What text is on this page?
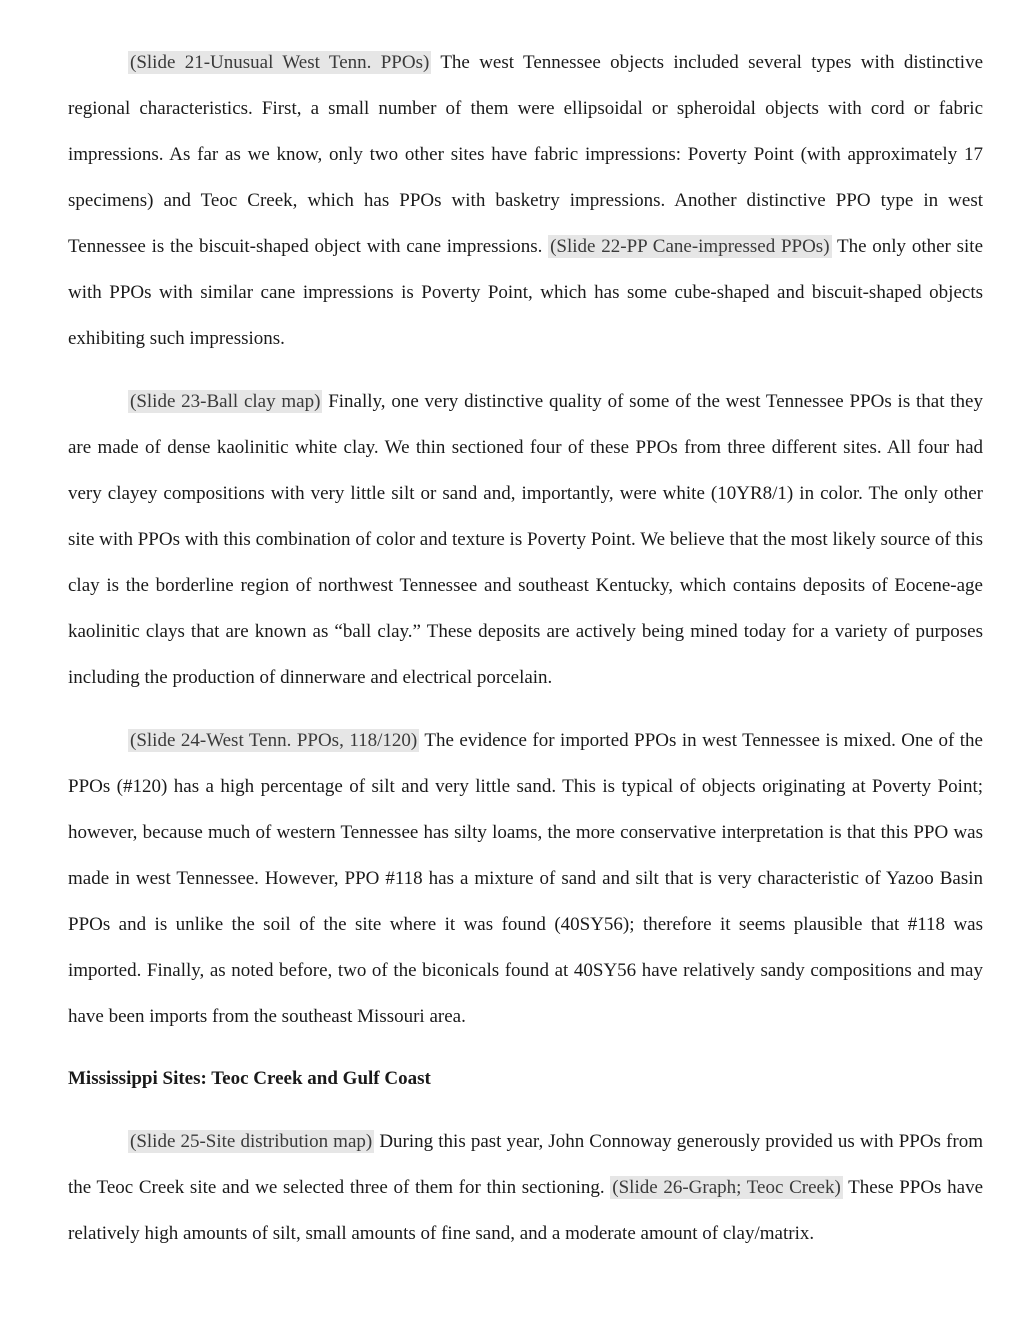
(Slide 21-Unusual West Tenn. PPOs) The west Tennessee objects included several types with distinctive regional characteristics. First, a small number of them were ellipsoidal or spheroidal objects with cord or fabric impressions. As far as we know, only two other sites have fabric impressions: Poverty Point (with approximately 17 specimens) and Teoc Creek, which has PPOs with basketry impressions. Another distinctive PPO type in west Tennessee is the biscuit-shaped object with cane impressions. (Slide 22-PP Cane-impressed PPOs) The only other site with PPOs with similar cane impressions is Poverty Point, which has some cube-shaped and biscuit-shaped objects exhibiting such impressions.

(Slide 23-Ball clay map) Finally, one very distinctive quality of some of the west Tennessee PPOs is that they are made of dense kaolinitic white clay. We thin sectioned four of these PPOs from three different sites. All four had very clayey compositions with very little silt or sand and, importantly, were white (10YR8/1) in color. The only other site with PPOs with this combination of color and texture is Poverty Point. We believe that the most likely source of this clay is the borderline region of northwest Tennessee and southeast Kentucky, which contains deposits of Eocene-age kaolinitic clays that are known as “ball clay.” These deposits are actively being mined today for a variety of purposes including the production of dinnerware and electrical porcelain.

(Slide 24-West Tenn. PPOs, 118/120) The evidence for imported PPOs in west Tennessee is mixed. One of the PPOs (#120) has a high percentage of silt and very little sand. This is typical of objects originating at Poverty Point; however, because much of western Tennessee has silty loams, the more conservative interpretation is that this PPO was made in west Tennessee. However, PPO #118 has a mixture of sand and silt that is very characteristic of Yazoo Basin PPOs and is unlike the soil of the site where it was found (40SY56); therefore it seems plausible that #118 was imported. Finally, as noted before, two of the biconicals found at 40SY56 have relatively sandy compositions and may have been imports from the southeast Missouri area.

Mississippi Sites: Teoc Creek and Gulf Coast

(Slide 25-Site distribution map) During this past year, John Connoway generously provided us with PPOs from the Teoc Creek site and we selected three of them for thin sectioning. (Slide 26-Graph; Teoc Creek) These PPOs have relatively high amounts of silt, small amounts of fine sand, and a moderate amount of clay/matrix.
